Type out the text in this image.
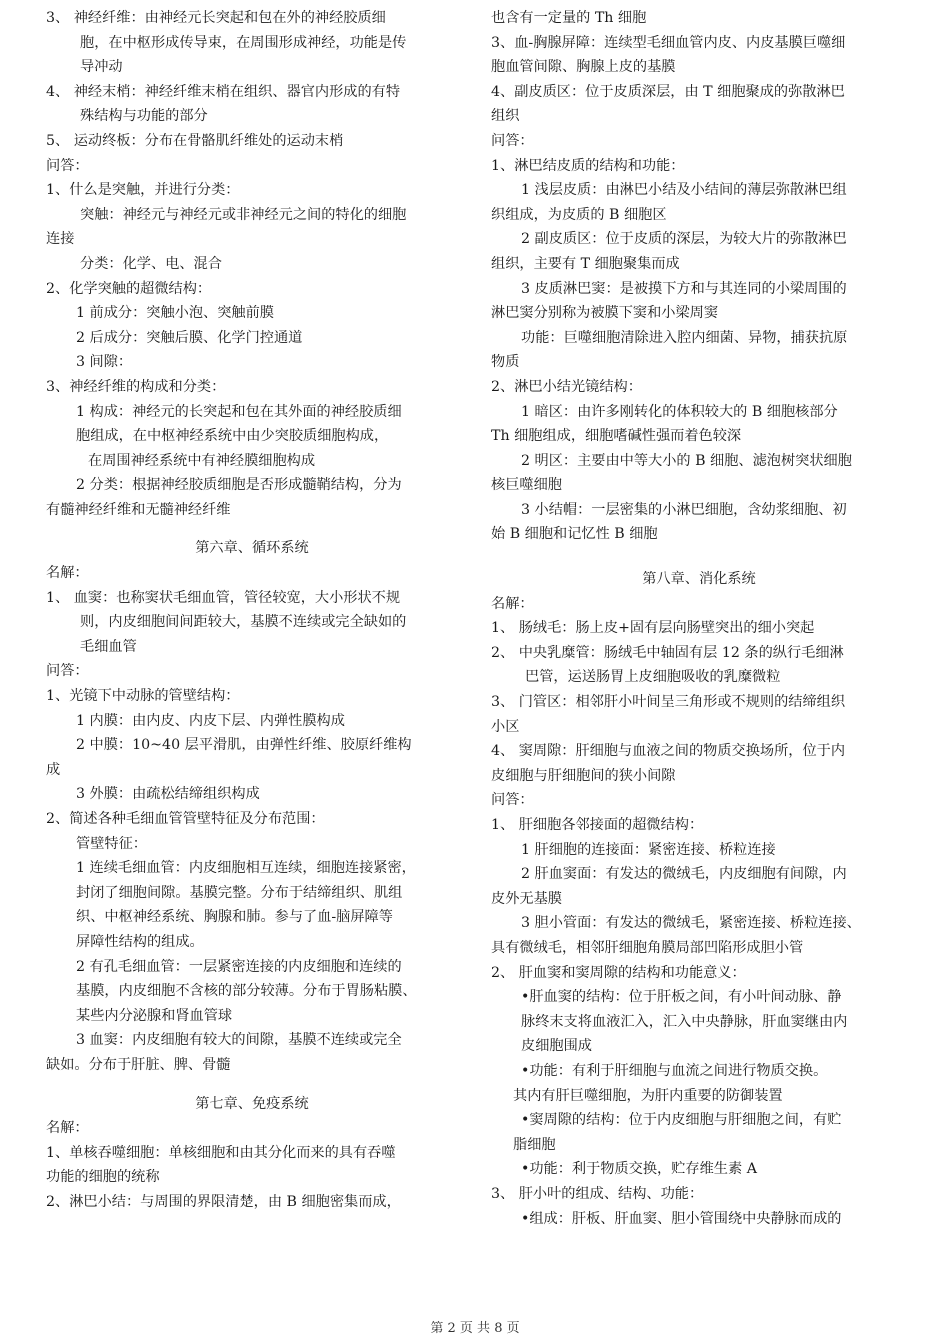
3、 神经纤维：由神经元长突起和包在外的神经胶质细
胞，在中枢形成传导束，在周围形成神经，功能是传
导冲动
4、 神经末梢：神经纤维末梢在组织、器官内形成的有特
殊结构与功能的部分
5、 运动终板：分布在骨骼肌纤维处的运动末梢
问答：
1、什么是突触，并进行分类：
突触：神经元与神经元或非神经元之间的特化的细胞
连接
分类：化学、电、混合
2、化学突触的超微结构：
1 前成分：突触小泡、突触前膜
2 后成分：突触后膜、化学门控通道
3 间隙：
3、神经纤维的构成和分类：
1 构成：神经元的长突起和包在其外面的神经胶质细
胞组成，在中枢神经系统中由少突胶质细胞构成，
在周围神经系统中有神经膜细胞构成
2 分类：根据神经胶质细胞是否形成髓鞘结构，分为
有髓神经纤维和无髓神经纤维
第六章、循环系统
名解：
1、 血窦：也称窦状毛细血管，管径较宽，大小形状不规
则，内皮细胞间间距较大，基膜不连续或完全缺如的
毛细血管
问答：
1、光镜下中动脉的管壁结构：
1 内膜：由内皮、内皮下层、内弹性膜构成
2 中膜：10~40 层平滑肌，由弹性纤维、胶原纤维构
成
3 外膜：由疏松结缔组织构成
2、简述各种毛细血管管壁特征及分布范围：
管壁特征：
1 连续毛细血管：内皮细胞相互连续，细胞连接紧密，
封闭了细胞间隙。基膜完整。分布于结缔组织、肌组
织、中枢神经系统、胸腺和肺。参与了血-脑屏障等
屏障性结构的组成。
2 有孔毛细血管：一层紧密连接的内皮细胞和连续的
基膜，内皮细胞不含核的部分较薄。分布于胃肠粘膜、
某些内分泌腺和肾血管球
3 血窦：内皮细胞有较大的间隙，基膜不连续或完全
缺如。分布于肝脏、脾、骨髓
第七章、免疫系统
名解：
1、单核吞噬细胞：单核细胞和由其分化而来的具有吞噬
功能的细胞的统称
2、淋巴小结：与周围的界限清楚，由 B 细胞密集而成，
也含有一定量的 Th 细胞
3、血-胸腺屏障：连续型毛细血管内皮、内皮基膜巨噬细
胞血管间隙、胸腺上皮的基膜
4、副皮质区：位于皮质深层，由 T 细胞聚成的弥散淋巴
组织
问答：
1、淋巴结皮质的结构和功能：
1 浅层皮质：由淋巴小结及小结间的薄层弥散淋巴组
织组成，为皮质的 B 细胞区
2 副皮质区：位于皮质的深层，为较大片的弥散淋巴
组织，主要有 T 细胞聚集而成
3 皮质淋巴窦：是被摸下方和与其连同的小梁周围的
淋巴窦分别称为被膜下窦和小梁周窦
功能：巨噬细胞清除进入腔内细菌、异物，捕获抗原
物质
2、淋巴小结光镜结构：
1 暗区：由许多刚转化的体积较大的 B 细胞核部分
Th 细胞组成，细胞嗜碱性强而着色较深
2 明区：主要由中等大小的 B 细胞、滤泡树突状细胞
核巨噬细胞
3 小结帽：一层密集的小淋巴细胞，含幼浆细胞、初
始 B 细胞和记忆性 B 细胞
第八章、消化系统
名解：
1、 肠绒毛：肠上皮+固有层向肠壁突出的细小突起
2、 中央乳糜管：肠绒毛中轴固有层 12 条的纵行毛细淋
巴管，运送肠胃上皮细胞吸收的乳糜微粒
3、 门管区：相邻肝小叶间呈三角形或不规则的结缔组织
小区
4、 窦周隙：肝细胞与血液之间的物质交换场所，位于内
皮细胞与肝细胞间的狭小间隙
问答：
1、 肝细胞各邻接面的超微结构：
1 肝细胞的连接面：紧密连接、桥粒连接
2 肝血窦面：有发达的微绒毛，内皮细胞有间隙，内
皮外无基膜
3 胆小管面：有发达的微绒毛，紧密连接、桥粒连接、
具有微绒毛，相邻肝细胞角膜局部凹陷形成胆小管
2、 肝血窦和窦周隙的结构和功能意义：
•肝血窦的结构：位于肝板之间，有小叶间动脉、静
脉终末支将血液汇入，汇入中央静脉，肝血窦继由内
皮细胞围成
•功能：有利于肝细胞与血流之间进行物质交换。
其内有肝巨噬细胞，为肝内重要的防御装置
•窦周隙的结构：位于内皮细胞与肝细胞之间，有贮
脂细胞
•功能：利于物质交换，贮存维生素 A
3、 肝小叶的组成、结构、功能：
•组成：肝板、肝血窦、胆小管围绕中央静脉而成的
第 2 页 共 8 页
